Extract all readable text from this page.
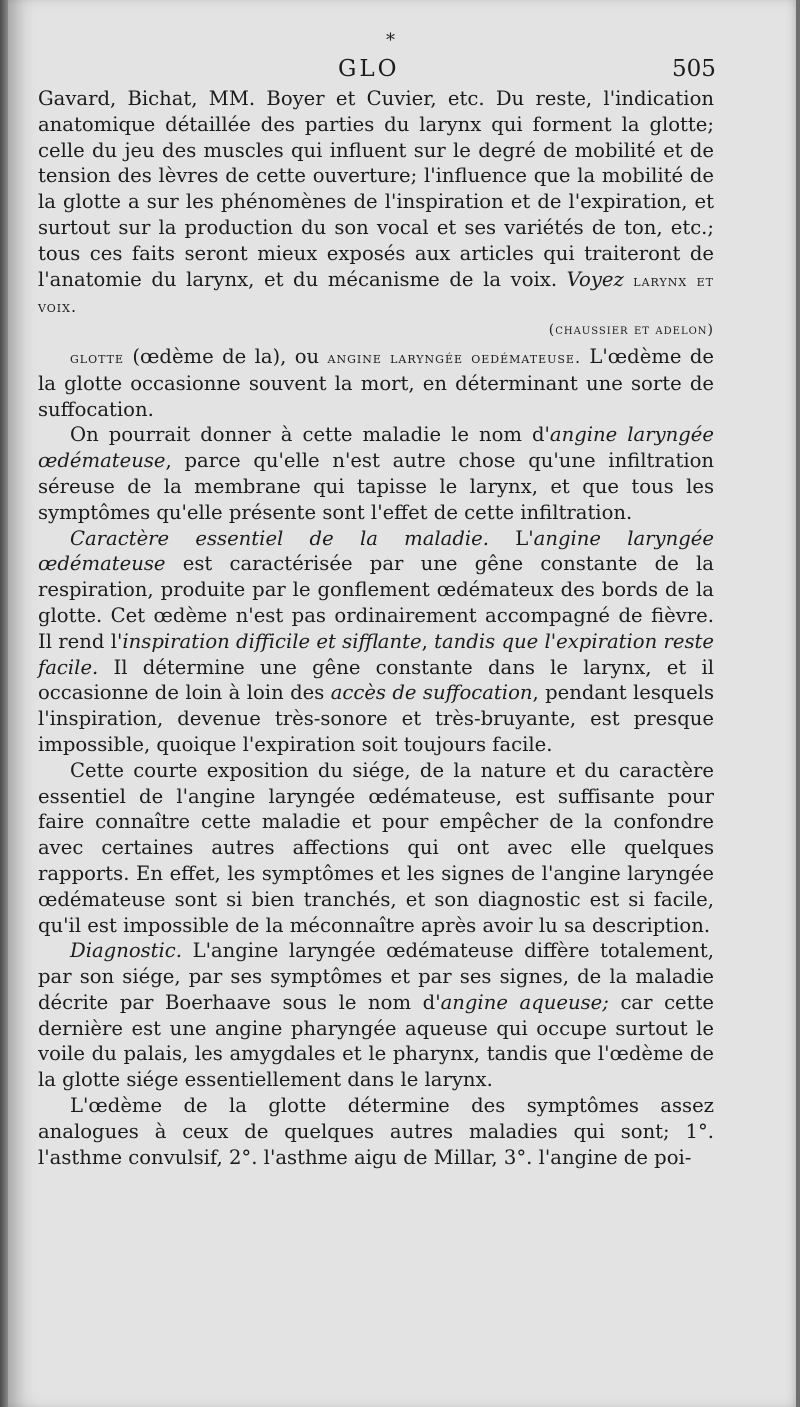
*
GLO	505

Gavard, Bichat, MM. Boyer et Cuvier, etc. Du reste, l'indication anatomique détaillée des parties du larynx qui forment la glotte; celle du jeu des muscles qui influent sur le degré de mobilité et de tension des lèvres de cette ouverture; l'influence que la mobilité de la glotte a sur les phénomènes de l'inspiration et de l'expiration, et surtout sur la production du son vocal et ses variétés de ton, etc.; tous ces faits seront mieux exposés aux articles qui traiteront de l'anatomie du larynx, et du mécanisme de la voix. Voyez larynx et voix.

(chaussier et adelon)

glotte (œdème de la), ou angine laryngée oedémateuse. L'œdème de la glotte occasionne souvent la mort, en déterminant une sorte de suffocation.

On pourrait donner à cette maladie le nom d'angine laryngée œdémateuse, parce qu'elle n'est autre chose qu'une infiltration séreuse de la membrane qui tapisse le larynx, et que tous les symptômes qu'elle présente sont l'effet de cette infiltration.

Caractère essentiel de la maladie. L'angine laryngée œdémateuse est caractérisée par une gêne constante de la respiration, produite par le gonflement œdémateux des bords de la glotte. Cet œdème n'est pas ordinairement accompagné de fièvre. Il rend l'inspiration difficile et sifflante, tandis que l'expiration reste facile. Il détermine une gêne constante dans le larynx, et il occasionne de loin à loin des accès de suffocation, pendant lesquels l'inspiration, devenue très-sonore et très-bruyante, est presque impossible, quoique l'expiration soit toujours facile.

Cette courte exposition du siége, de la nature et du caractère essentiel de l'angine laryngée œdémateuse, est suffisante pour faire connaître cette maladie et pour empêcher de la confondre avec certaines autres affections qui ont avec elle quelques rapports. En effet, les symptômes et les signes de l'angine laryngée œdémateuse sont si bien tranchés, et son diagnostic est si facile, qu'il est impossible de la méconnaître après avoir lu sa description.

Diagnostic. L'angine laryngée œdémateuse diffère totalement, par son siége, par ses symptômes et par ses signes, de la maladie décrite par Boerhaave sous le nom d'angine aqueuse; car cette dernière est une angine pharyngée aqueuse qui occupe surtout le voile du palais, les amygdales et le pharynx, tandis que l'œdème de la glotte siége essentiellement dans le larynx.

L'œdème de la glotte détermine des symptômes assez analogues à ceux de quelques autres maladies qui sont; 1°. l'asthme convulsif, 2°. l'asthme aigu de Millar, 3°. l'angine de poi-
